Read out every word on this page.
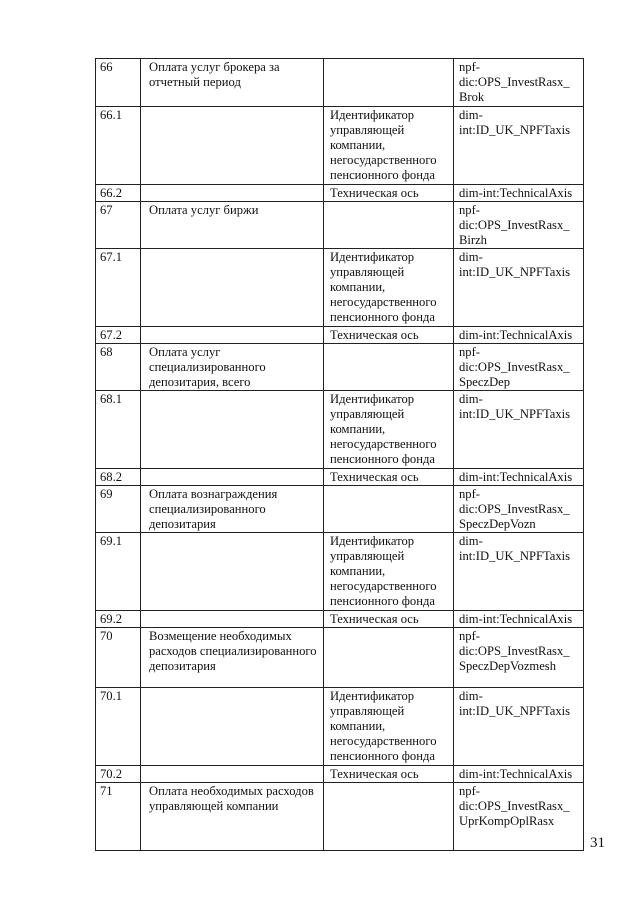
66	Оплата услуг брокера за отчетный период		npf-
dic:OPS_InvestRasx_
Brok
66.1		Идентификатор
управляющей
компании,
негосударственного
пенсионного фонда	dim-
int:ID_UK_NPFTaxis
66.2		Техническая ось	dim-int:TechnicalAxis
67	Оплата услуг биржи		npf-
dic:OPS_InvestRasx_
Birzh
67.1		Идентификатор
управляющей
компании,
негосударственного
пенсионного фонда	dim-
int:ID_UK_NPFTaxis
67.2		Техническая ось	dim-int:TechnicalAxis
68	Оплата услуг специализированного депозитария, всего		npf-
dic:OPS_InvestRasx_
SpeczDep
68.1		Идентификатор
управляющей
компании,
негосударственного
пенсионного фонда	dim-
int:ID_UK_NPFTaxis
68.2		Техническая ось	dim-int:TechnicalAxis
69	Оплата вознаграждения специализированного депозитария		npf-
dic:OPS_InvestRasx_
SpeczDepVozn
69.1		Идентификатор
управляющей
компании,
негосударственного
пенсионного фонда	dim-
int:ID_UK_NPFTaxis
69.2		Техническая ось	dim-int:TechnicalAxis
70	Возмещение необходимых расходов специализированного депозитария		npf-
dic:OPS_InvestRasx_
SpeczDepVozmesh
70.1		Идентификатор
управляющей
компании,
негосударственного
пенсионного фонда	dim-
int:ID_UK_NPFTaxis
70.2		Техническая ось	dim-int:TechnicalAxis
71	Оплата необходимых расходов управляющей компании		npf-
dic:OPS_InvestRasx_
UprKompOplRasx
31
